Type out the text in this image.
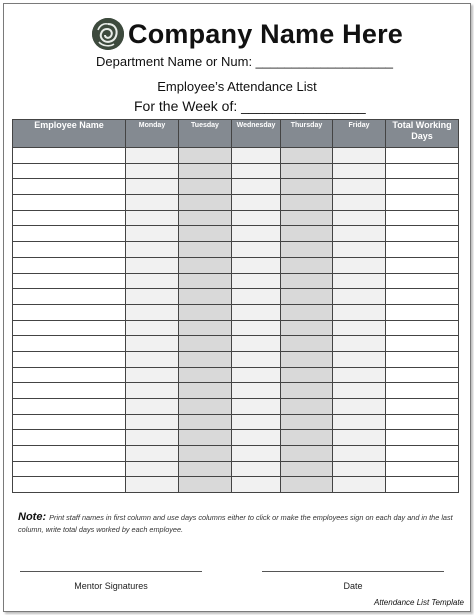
Company Name Here
Department Name or Num: ___________________
Employee’s Attendance List
For the Week of: ________________
Employee Name	Monday	Tuesday	Wednesday	Thursday	Friday	Total Working Days

Note: Print staff names in first column and use days columns either to click or make the employees sign on each day and in the last column, write total days worked by each employee.
Mentor Signatures	Date
Attendance List Template
